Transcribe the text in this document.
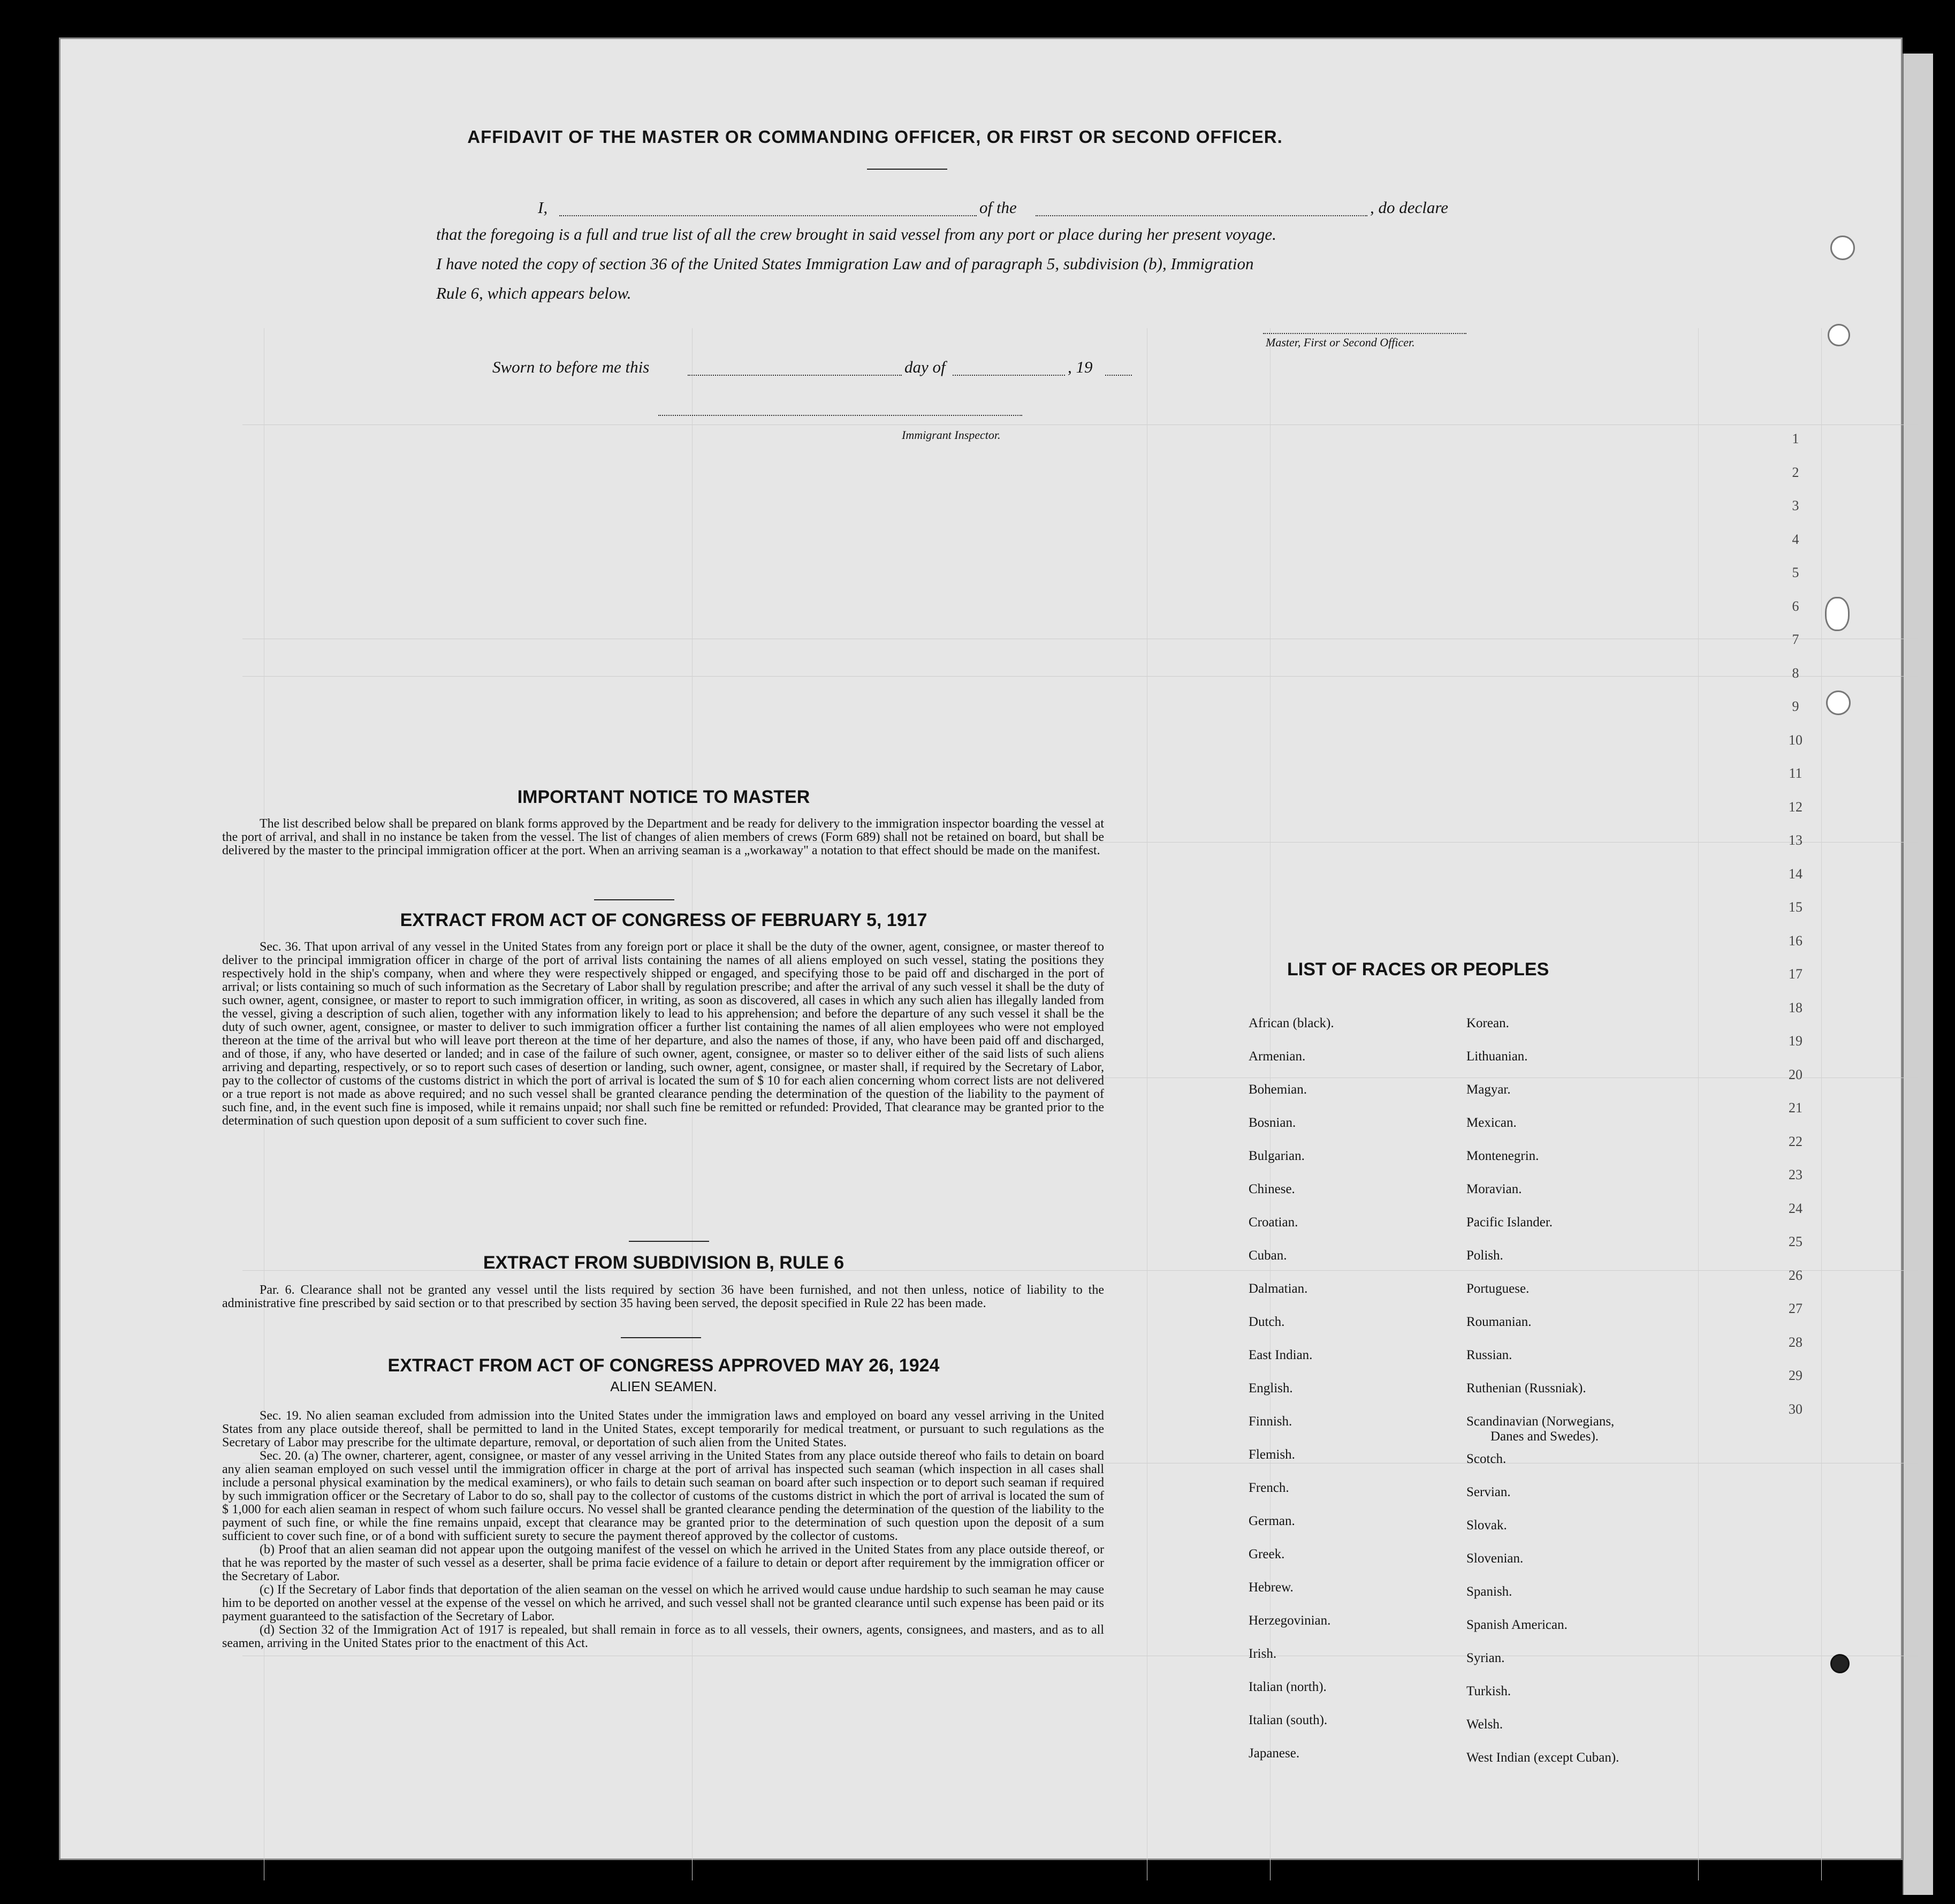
AFFIDAVIT OF THE MASTER OR COMMANDING OFFICER, OR FIRST OR SECOND OFFICER.
I,	of the	, do declare
that the foregoing is a full and true list of all the crew brought in said vessel from any port or place during her present voyage.
I have noted the copy of section 36 of the United States Immigration Law and of paragraph 5, subdivision (b), Immigration
Rule 6, which appears below.
Master, First or Second Officer.
Sworn to before me this	day of	, 19
Immigrant Inspector.
IMPORTANT NOTICE TO MASTER

The list described below shall be prepared on blank forms approved by the Department and be ready for delivery to the immigration inspector boarding the vessel at the port of arrival, and shall in no instance be taken from the vessel. The list of changes of alien members of crews (Form 689) shall not be retained on board, but shall be delivered by the master to the principal immigration officer at the port. When an arriving seaman is a „workaway" a notation to that effect should be made on the manifest.

EXTRACT FROM ACT OF CONGRESS OF FEBRUARY 5, 1917

Sec. 36. That upon arrival of any vessel in the United States from any foreign port or place it shall be the duty of the owner, agent, consignee, or master thereof to deliver to the principal immigration officer in charge of the port of arrival lists containing the names of all aliens employed on such vessel, stating the positions they respectively hold in the ship's company, when and where they were respectively shipped or engaged, and specifying those to be paid off and discharged in the port of arrival; or lists containing so much of such information as the Secretary of Labor shall by regulation prescribe; and after the arrival of any such vessel it shall be the duty of such owner, agent, consignee, or master to report to such immigration officer, in writing, as soon as discovered, all cases in which any such alien has illegally landed from the vessel, giving a description of such alien, together with any information likely to lead to his apprehension; and before the departure of any such vessel it shall be the duty of such owner, agent, consignee, or master to deliver to such immigration officer a further list containing the names of all alien employees who were not employed thereon at the time of the arrival but who will leave port thereon at the time of her departure, and also the names of those, if any, who have been paid off and discharged, and of those, if any, who have deserted or landed; and in case of the failure of such owner, agent, consignee, or master so to deliver either of the said lists of such aliens arriving and departing, respectively, or so to report such cases of desertion or landing, such owner, agent, consignee, or master shall, if required by the Secretary of Labor, pay to the collector of customs of the customs district in which the port of arrival is located the sum of $ 10 for each alien concerning whom correct lists are not delivered or a true report is not made as above required; and no such vessel shall be granted clearance pending the determination of the question of the liability to the payment of such fine, and, in the event such fine is imposed, while it remains unpaid; nor shall such fine be remitted or refunded: Provided, That clearance may be granted prior to the determination of such question upon deposit of a sum sufficient to cover such fine.

EXTRACT FROM SUBDIVISION B, RULE 6

Par. 6. Clearance shall not be granted any vessel until the lists required by section 36 have been furnished, and not then unless, notice of liability to the administrative fine prescribed by said section or to that prescribed by section 35 having been served, the deposit specified in Rule 22 has been made.

EXTRACT FROM ACT OF CONGRESS APPROVED MAY 26, 1924
ALIEN SEAMEN.

Sec. 19. No alien seaman excluded from admission into the United States under the immigration laws and employed on board any vessel arriving in the United States from any place outside thereof, shall be permitted to land in the United States, except temporarily for medical treatment, or pursuant to such regulations as the Secretary of Labor may prescribe for the ultimate departure, removal, or deportation of such alien from the United States.

Sec. 20. (a) The owner, charterer, agent, consignee, or master of any vessel arriving in the United States from any place outside thereof who fails to detain on board any alien seaman employed on such vessel until the immigration officer in charge at the port of arrival has inspected such seaman (which inspection in all cases shall include a personal physical examination by the medical examiners), or who fails to detain such seaman on board after such inspection or to deport such seaman if required by such immigration officer or the Secretary of Labor to do so, shall pay to the collector of customs of the customs district in which the port of arrival is located the sum of $ 1,000 for each alien seaman in respect of whom such failure occurs. No vessel shall be granted clearance pending the determination of the question of the liability to the payment of such fine, or while the fine remains unpaid, except that clearance may be granted prior to the determination of such question upon the deposit of a sum sufficient to cover such fine, or of a bond with sufficient surety to secure the payment thereof approved by the collector of customs.

(b) Proof that an alien seaman did not appear upon the outgoing manifest of the vessel on which he arrived in the United States from any place outside thereof, or that he was reported by the master of such vessel as a deserter, shall be prima facie evidence of a failure to detain or deport after requirement by the immigration officer or the Secretary of Labor.

(c) If the Secretary of Labor finds that deportation of the alien seaman on the vessel on which he arrived would cause undue hardship to such seaman he may cause him to be deported on another vessel at the expense of the vessel on which he arrived, and such vessel shall not be granted clearance until such expense has been paid or its payment guaranteed to the satisfaction of the Secretary of Labor.

(d) Section 32 of the Immigration Act of 1917 is repealed, but shall remain in force as to all vessels, their owners, agents, consignees, and masters, and as to all seamen, arriving in the United States prior to the enactment of this Act.

LIST OF RACES OR PEOPLES
African (black).
Armenian.
Bohemian.
Bosnian.
Bulgarian.
Chinese.
Croatian.
Cuban.
Dalmatian.
Dutch.
East Indian.
English.
Finnish.
Flemish.
French.
German.
Greek.
Hebrew.
Herzegovinian.
Irish.
Italian (north).
Italian (south).
Japanese.
Korean.
Lithuanian.
Magyar.
Mexican.
Montenegrin.
Moravian.
Pacific Islander.
Polish.
Portuguese.
Roumanian.
Russian.
Ruthenian (Russniak).
Scandinavian (Norwegians,
Danes and Swedes).
Scotch.
Servian.
Slovak.
Slovenian.
Spanish.
Spanish American.
Syrian.
Turkish.
Welsh.
West Indian (except Cuban).
1
2
3
4
5
6
7
8
9
10
11
12
13
14
15
16
17
18
19
20
21
22
23
24
25
26
27
28
29
30
